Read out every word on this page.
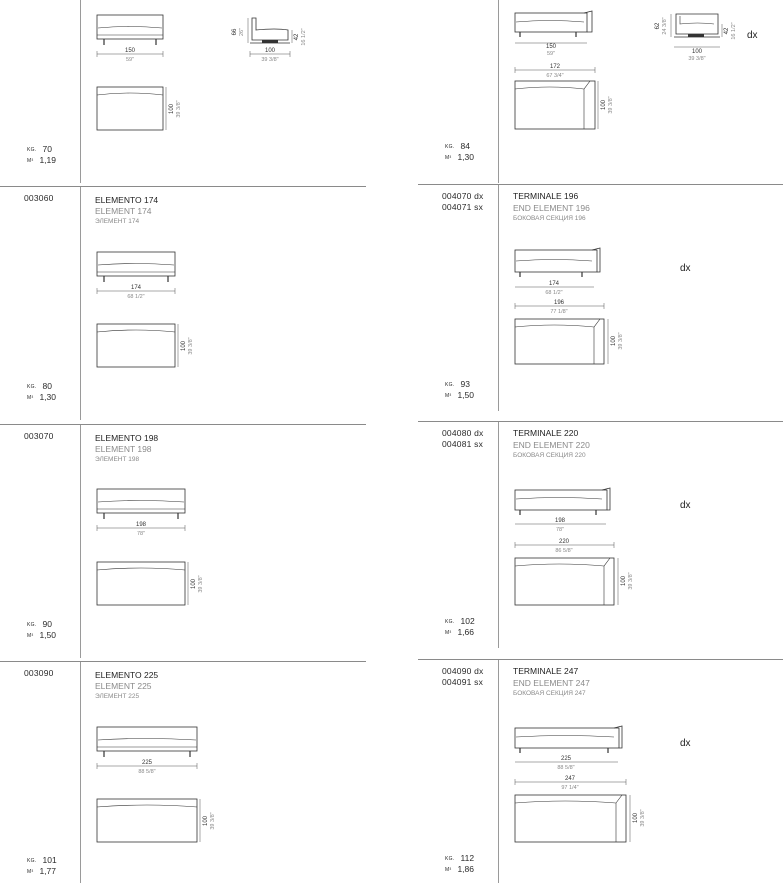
150
59"
100
39 3/8"
66 26"
42 16 1/2"
100 39 3/8"
KG. 70
M³ 1,19
003060	ELEMENTO 174
ELEMENT 174
ЭЛЕМЕНТ 174
174
68 1/2"
100 39 3/8"
KG. 80
M³ 1,30
003070	ELEMENTO 198
ELEMENT 198
ЭЛЕМЕНТ 198
198
78"
100 39 3/8"
KG. 90
M³ 1,50
003090	ELEMENTO 225
ELEMENT 225
ЭЛЕМЕНТ 225
225
88 5/8"
100 39 3/8"
KG. 101
M³ 1,77
150
59"	100
39 3/8"
62 24 3/8"	42 16 1/2" dx
172
67 3/4"
100 39 3/8"
KG. 84
M³ 1,30
004070 dx
004071 sx
TERMINALE 196
END ELEMENT 196
БОКОВАЯ СЕКЦИЯ 196
174
68 1/2"
196
77 1/8"
100 39 3/8"
dx
KG. 93
M³ 1,50
004080 dx
004081 sx
TERMINALE 220
END ELEMENT 220
БОКОВАЯ СЕКЦИЯ 220
198
78"
220
86 5/8"
100 39 3/8"
dx
KG. 102
M³ 1,66
004090 dx
004091 sx
TERMINALE 247
END ELEMENT 247
БОКОВАЯ СЕКЦИЯ 247
225
88 5/8"
247
97 1/4"
100 39 3/8"
dx
KG. 112
M³ 1,86
